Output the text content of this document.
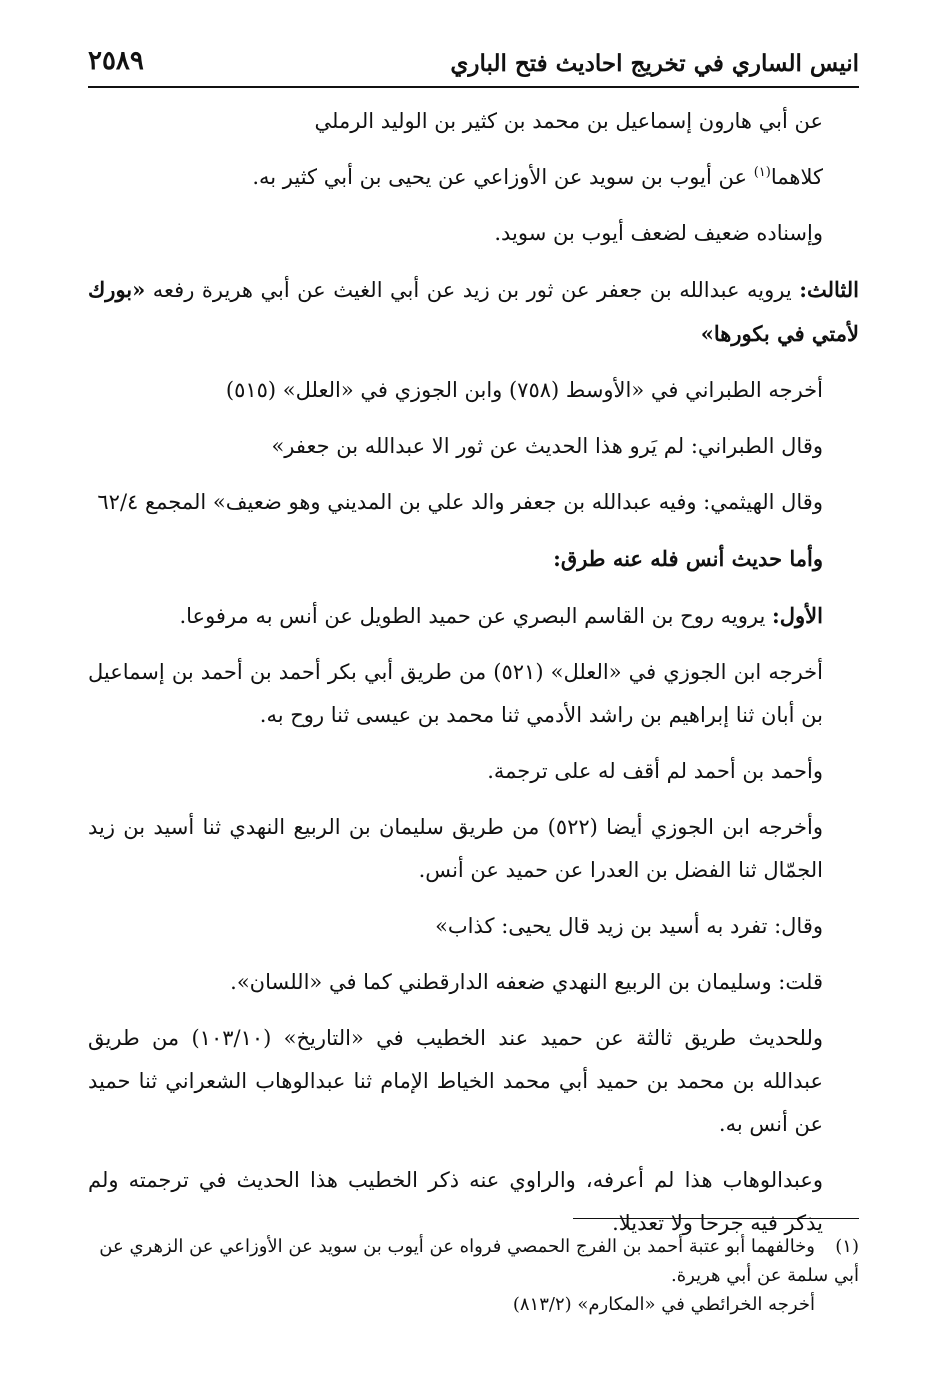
انيس الساري في تخريج احاديث فتح الباري
٢٥٨٩

عن أبي هارون إسماعيل بن محمد بن كثير بن الوليد الرملي

كلاهما$^{(١)}$ عن أيوب بن سويد عن الأوزاعي عن يحيى بن أبي كثير به.

وإسناده ضعيف لضعف أيوب بن سويد.

الثالث: يرويه عبدالله بن جعفر عن ثور بن زيد عن أبي الغيث عن أبي هريرة رفعه «بورك لأمتي في بكورها»

أخرجه الطبراني في «الأوسط (٧٥٨) وابن الجوزي في «العلل» (٥١٥)

وقال الطبراني: لم يَرو هذا الحديث عن ثور الا عبدالله بن جعفر»

وقال الهيثمي: وفيه عبدالله بن جعفر والد علي بن المديني وهو ضعيف» المجمع ٦٢/٤

وأما حديث أنس فله عنه طرق:

الأول: يرويه روح بن القاسم البصري عن حميد الطويل عن أنس به مرفوعا.

أخرجه ابن الجوزي في «العلل» (٥٢١) من طريق أبي بكر أحمد بن أحمد بن إسماعيل بن أبان ثنا إبراهيم بن راشد الأدمي ثنا محمد بن عيسى ثنا روح به.

وأحمد بن أحمد لم أقف له على ترجمة.

وأخرجه ابن الجوزي أيضا (٥٢٢) من طريق سليمان بن الربيع النهدي ثنا أسيد بن زيد الجمّال ثنا الفضل بن العدرا عن حميد عن أنس.

وقال: تفرد به أسيد بن زيد قال يحيى: كذاب»

قلت: وسليمان بن الربيع النهدي ضعفه الدارقطني كما في «اللسان».

وللحديث طريق ثالثة عن حميد عند الخطيب في «التاريخ» (١٠٣/١٠) من طريق عبدالله بن محمد بن حميد أبي محمد الخياط الإمام ثنا عبدالوهاب الشعراني ثنا حميد عن أنس به.

وعبدالوهاب هذا لم أعرفه، والراوي عنه ذكر الخطيب هذا الحديث في ترجمته ولم يذكر فيه جرحا ولا تعديلا.

(١)وخالفهما أبو عتبة أحمد بن الفرج الحمصي فرواه عن أيوب بن سويد عن الأوزاعي عن الزهري عن أبي سلمة عن أبي هريرة.

أخرجه الخرائطي في «المكارم» (٨١٣/٢)
